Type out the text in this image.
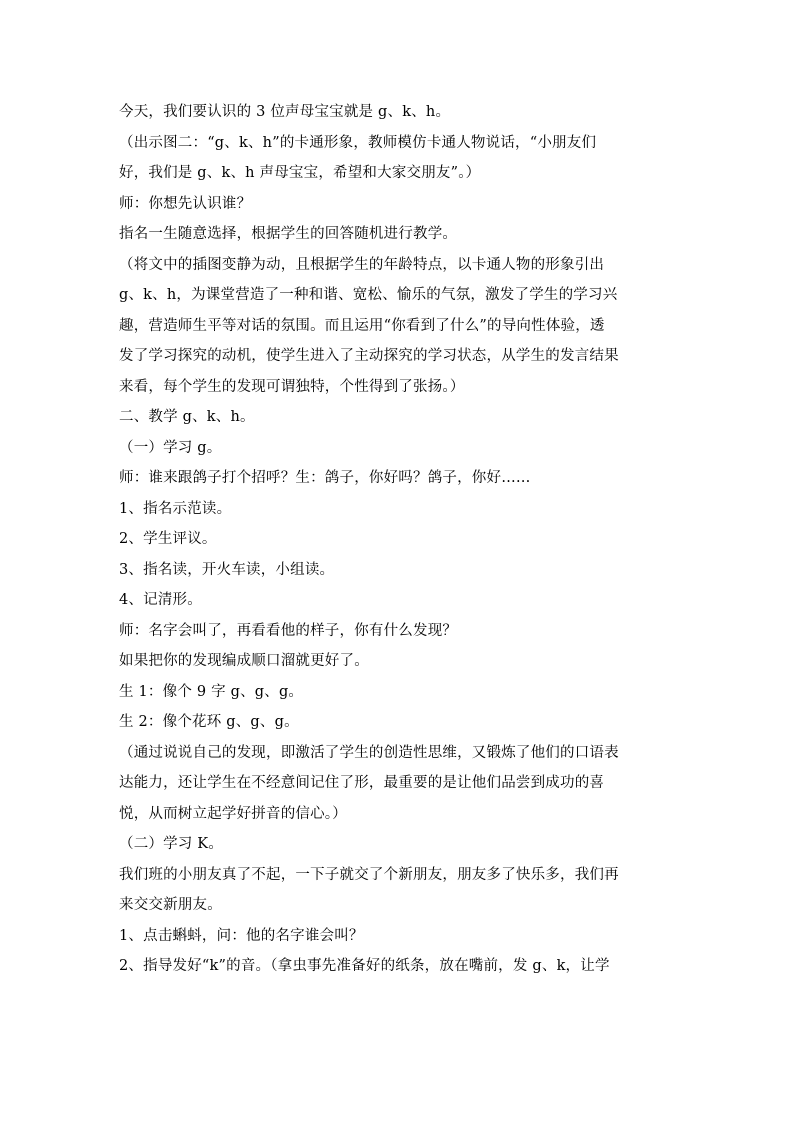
今天，我们要认识的 3 位声母宝宝就是 g、k、h。
（出示图二：“g、k、h”的卡通形象，教师模仿卡通人物说话，“小朋友们
好，我们是 g、k、h 声母宝宝，希望和大家交朋友”。）
师：你想先认识谁？
指名一生随意选择，根据学生的回答随机进行教学。
（将文中的插图变静为动，且根据学生的年龄特点，以卡通人物的形象引出
g、k、h，为课堂营造了一种和谐、宽松、愉乐的气氛，激发了学生的学习兴
趣，营造师生平等对话的氛围。而且运用“你看到了什么”的导向性体验，透
发了学习探究的动机，使学生进入了主动探究的学习状态，从学生的发言结果
来看，每个学生的发现可谓独特，个性得到了张扬。）
二、教学 g、k、h。
（一）学习 g。
师：谁来跟鸽子打个招呼？生：鸽子，你好吗？鸽子，你好……
1、指名示范读。
2、学生评议。
3、指名读，开火车读，小组读。
4、记清形。
师：名字会叫了，再看看他的样子，你有什么发现？
如果把你的发现编成顺口溜就更好了。
生 1：像个 9 字 g、g、g。
生 2：像个花环 g、g、g。
（通过说说自己的发现，即激活了学生的创造性思维，又锻炼了他们的口语表
达能力，还让学生在不经意间记住了形，最重要的是让他们品尝到成功的喜
悦，从而树立起学好拼音的信心。）
（二）学习 K。
我们班的小朋友真了不起，一下子就交了个新朋友，朋友多了快乐多，我们再
来交交新朋友。
1、点击蝌蚪，问：他的名字谁会叫？
2、指导发好“k”的音。（拿虫事先准备好的纸条，放在嘴前，发 g、k，让学
